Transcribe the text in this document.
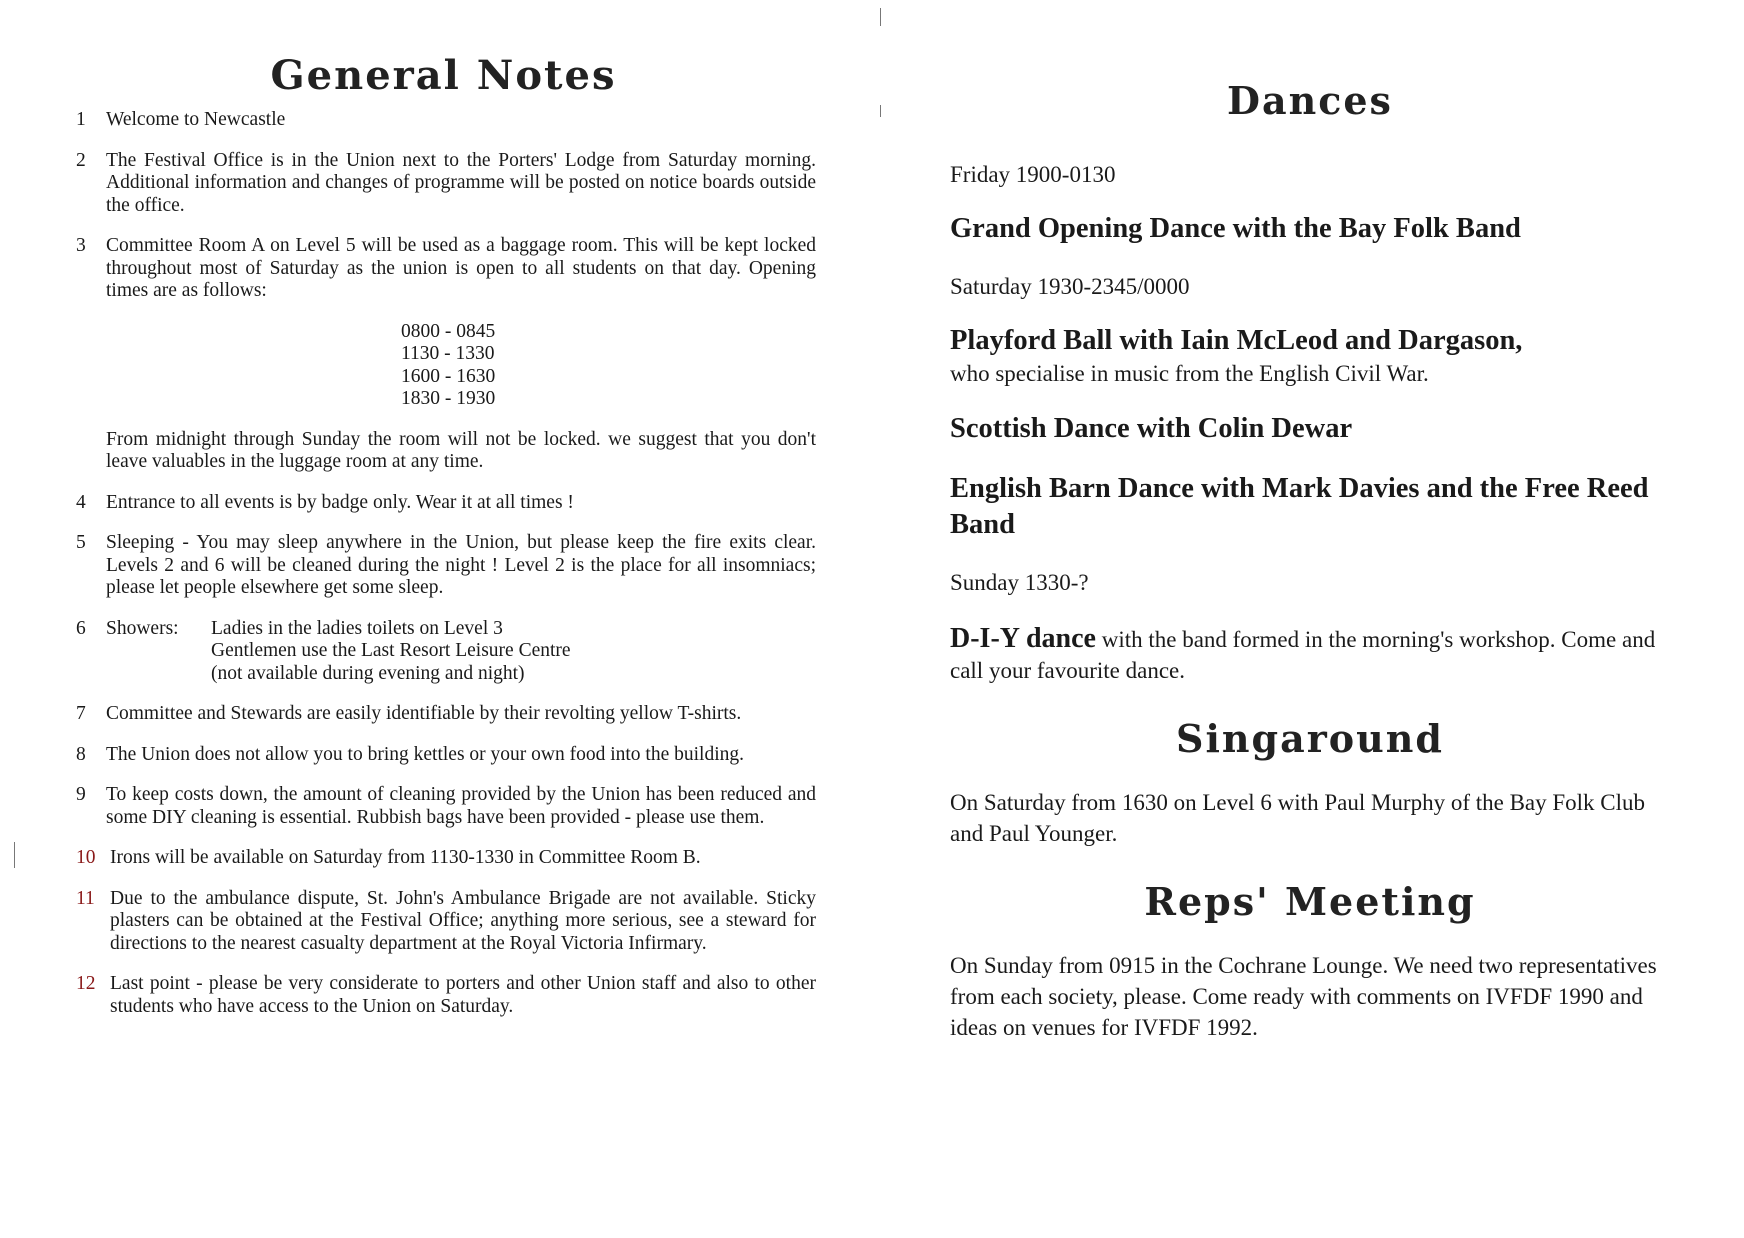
General Notes
1	Welcome to Newcastle
2	The Festival Office is in the Union next to the Porters' Lodge from Saturday morning. Additional information and changes of programme will be posted on notice boards outside the office.
3	Committee Room A on Level 5 will be used as a baggage room. This will be kept locked throughout most of Saturday as the union is open to all students on that day. Opening times are as follows:

0800 - 0845
1130 - 1330
1600 - 1630
1830 - 1930

From midnight through Sunday the room will not be locked. we suggest that you don't leave valuables in the luggage room at any time.

4	Entrance to all events is by badge only. Wear it at all times !
5	Sleeping - You may sleep anywhere in the Union, but please keep the fire exits clear. Levels 2 and 6 will be cleaned during the night ! Level 2 is the place for all insomniacs; please let people elsewhere get some sleep.
6	Showers:	Ladies in the ladies toilets on Level 3
Gentlemen use the Last Resort Leisure Centre
(not available during evening and night)
7	Committee and Stewards are easily identifiable by their revolting yellow T-shirts.
8	The Union does not allow you to bring kettles or your own food into the building.
9	To keep costs down, the amount of cleaning provided by the Union has been reduced and some DIY cleaning is essential. Rubbish bags have been provided - please use them.
10 Irons will be available on Saturday from 1130-1330 in Committee Room B.
11 Due to the ambulance dispute, St. John's Ambulance Brigade are not available. Sticky plasters can be obtained at the Festival Office; anything more serious, see a steward for directions to the nearest casualty department at the Royal Victoria Infirmary.
12 Last point - please be very considerate to porters and other Union staff and also to other students who have access to the Union on Saturday.
Dances

Friday 1900-0130

Grand Opening Dance with the Bay Folk Band

Saturday 1930-2345/0000

Playford Ball with Iain McLeod and Dargason,

who specialise in music from the English Civil War.

Scottish Dance with Colin Dewar

English Barn Dance with Mark Davies and the Free Reed Band

Sunday 1330-?

D-I-Y dance with the band formed in the morning's workshop. Come and call your favourite dance.

Singaround

On Saturday from 1630 on Level 6 with Paul Murphy of the Bay Folk Club and Paul Younger.

Reps' Meeting

On Sunday from 0915 in the Cochrane Lounge. We need two representatives from each society, please. Come ready with comments on IVFDF 1990 and ideas on venues for IVFDF 1992.
